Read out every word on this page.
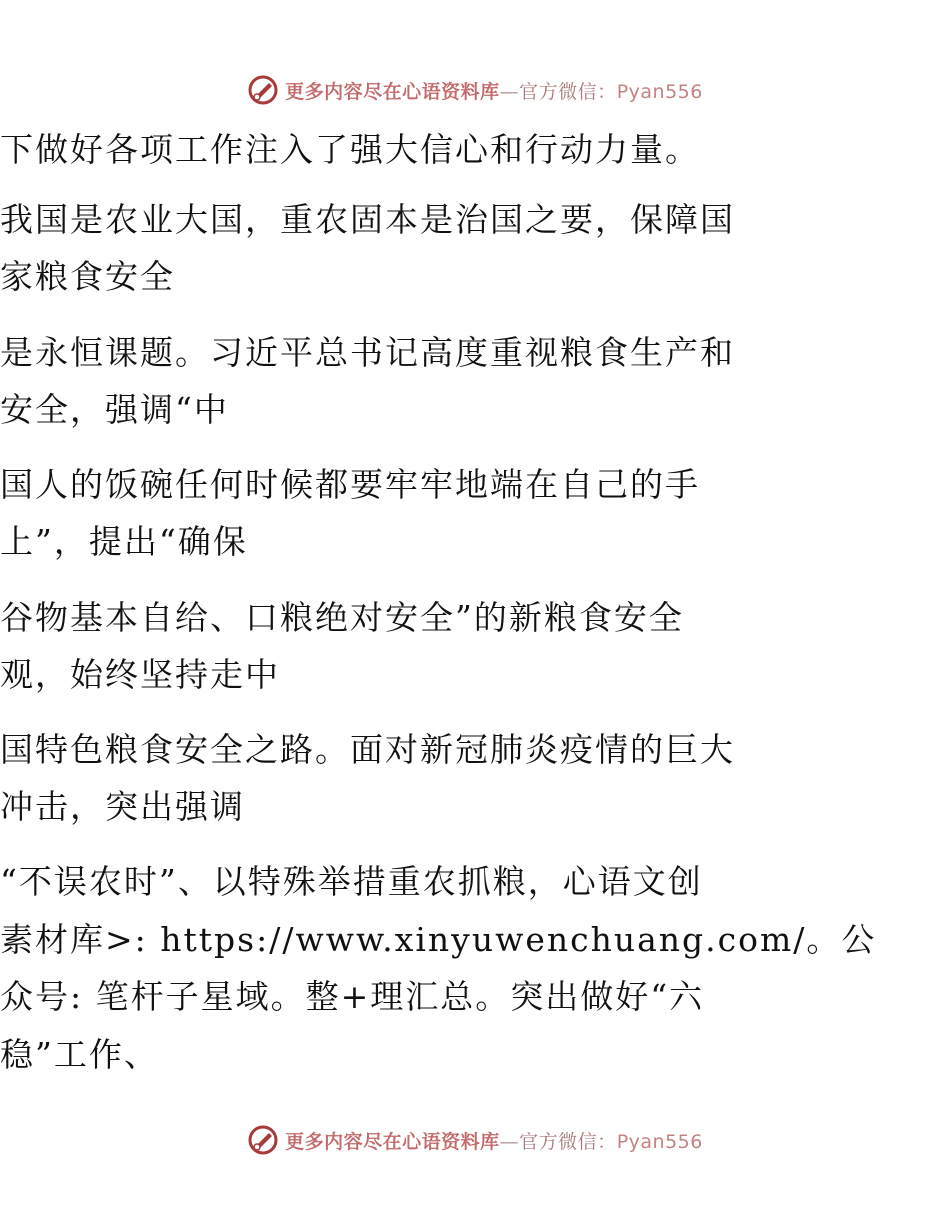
更多内容尽在心语资料库—官方微信：Pyan556
下做好各项工作注入了强大信心和行动力量。
我国是农业大国，重农固本是治国之要，保障国
家粮食安全
是永恒课题。习近平总书记高度重视粮食生产和
安全，强调“中
国人的饭碗任何时候都要牢牢地端在自己的手
上”，提出“确保
谷物基本自给、口粮绝对安全”的新粮食安全
观，始终坚持走中
国特色粮食安全之路。面对新冠肺炎疫情的巨大
冲击，突出强调
“不误农时”、以特殊举措重农抓粮，心语文创
素材库>: https://www.xinyuwenchuang.com/。公
众号: 笔杆子星域。整+理汇总。突出做好“六
稳”工作、
更多内容尽在心语资料库—官方微信：Pyan556
